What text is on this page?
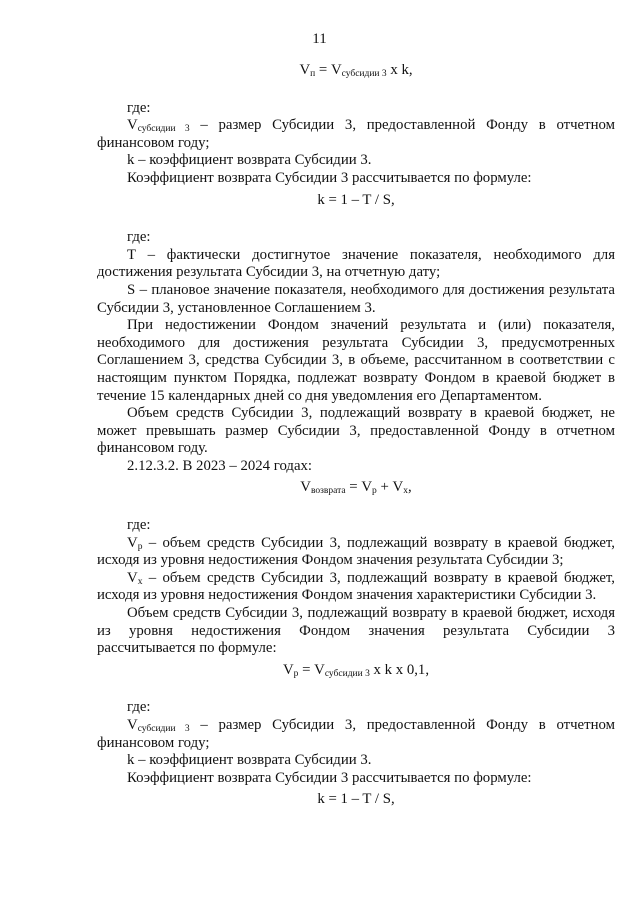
11
$V_п = V_{субсидии 3}$ x k,
где:
$V_{субсидии 3}$ – размер Субсидии 3, предоставленной Фонду в отчетном финансовом году;
k – коэффициент возврата Субсидии 3.
Коэффициент возврата Субсидии 3 рассчитывается по формуле:
k = 1 – T / S,
где:
T – фактически достигнутое значение показателя, необходимого для достижения результата Субсидии 3, на отчетную дату;
S – плановое значение показателя, необходимого для достижения результата Субсидии 3, установленное Соглашением 3.
При недостижении Фондом значений результата и (или) показателя, необходимого для достижения результата Субсидии 3, предусмотренных Соглашением 3, средства Субсидии 3, в объеме, рассчитанном в соответствии с настоящим пунктом Порядка, подлежат возврату Фондом в краевой бюджет в течение 15 календарных дней со дня уведомления его Департаментом.
Объем средств Субсидии 3, подлежащий возврату в краевой бюджет, не может превышать размер Субсидии 3, предоставленной Фонду в отчетном финансовом году.
2.12.3.2. В 2023 – 2024 годах:
$V_{возврата} = V_р + V_х$,
где:
$V_р$ – объем средств Субсидии 3, подлежащий возврату в краевой бюджет, исходя из уровня недостижения Фондом значения результата Субсидии 3;
$V_х$ – объем средств Субсидии 3, подлежащий возврату в краевой бюджет, исходя из уровня недостижения Фондом значения характеристики Субсидии 3.
Объем средств Субсидии 3, подлежащий возврату в краевой бюджет, исходя из уровня недостижения Фондом значения результата Субсидии 3 рассчитывается по формуле:
$V_р = V_{субсидии 3}$ x k x 0,1,
где:
$V_{субсидии 3}$ – размер Субсидии 3, предоставленной Фонду в отчетном финансовом году;
k – коэффициент возврата Субсидии 3.
Коэффициент возврата Субсидии 3 рассчитывается по формуле:
k = 1 – T / S,
